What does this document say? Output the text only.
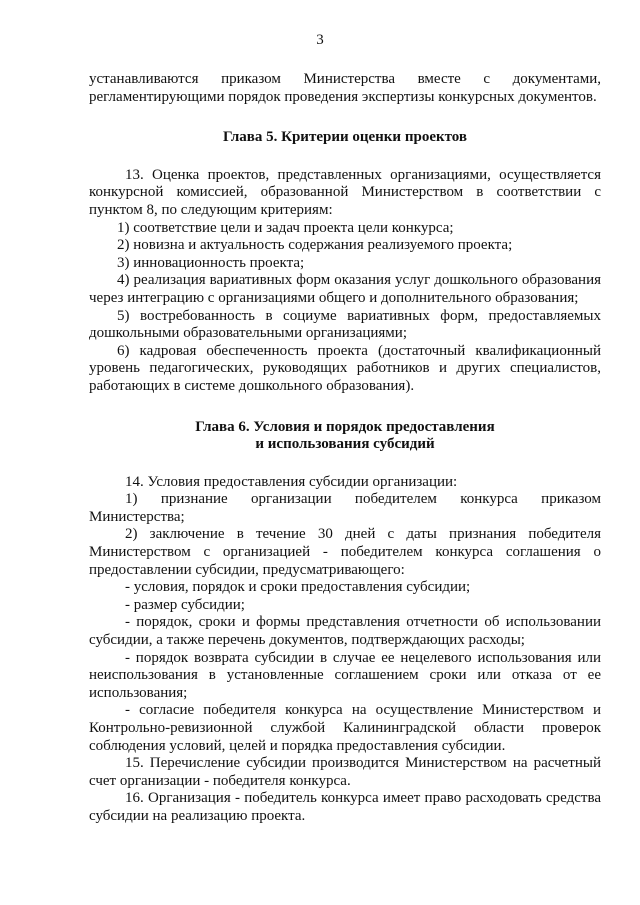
3

устанавливаются приказом Министерства вместе с документами, регламентирующими порядок проведения экспертизы конкурсных документов.

Глава 5. Критерии оценки проектов

13. Оценка проектов, представленных организациями, осуществляется конкурсной комиссией, образованной Министерством в соответствии с пунктом 8, по следующим критериям:

1) соответствие цели и задач проекта цели конкурса;

2) новизна и актуальность содержания реализуемого проекта;

3) инновационность проекта;

4) реализация вариативных форм оказания услуг дошкольного образования через интеграцию с организациями общего и дополнительного образования;

5) востребованность в социуме вариативных форм, предоставляемых дошкольными образовательными организациями;

6) кадровая обеспеченность проекта (достаточный квалификационный уровень педагогических, руководящих работников и других специалистов, работающих в системе дошкольного образования).

Глава 6. Условия и порядок предоставления

и использования субсидий

14. Условия предоставления субсидии организации:

1) признание организации победителем конкурса приказом Министерства;

2) заключение в течение 30 дней с даты признания победителя Министерством с организацией - победителем конкурса соглашения о предоставлении субсидии, предусматривающего:

- условия, порядок и сроки предоставления субсидии;

- размер субсидии;

- порядок, сроки и формы представления отчетности об использовании субсидии, а также перечень документов, подтверждающих расходы;

- порядок возврата субсидии в случае ее нецелевого использования или неиспользования в установленные соглашением сроки или отказа от ее использования;

- согласие победителя конкурса на осуществление Министерством и Контрольно-ревизионной службой Калининградской области проверок соблюдения условий, целей и порядка предоставления субсидии.

15. Перечисление субсидии производится Министерством на расчетный счет организации - победителя конкурса.

16. Организация - победитель конкурса имеет право расходовать средства субсидии на реализацию проекта.
